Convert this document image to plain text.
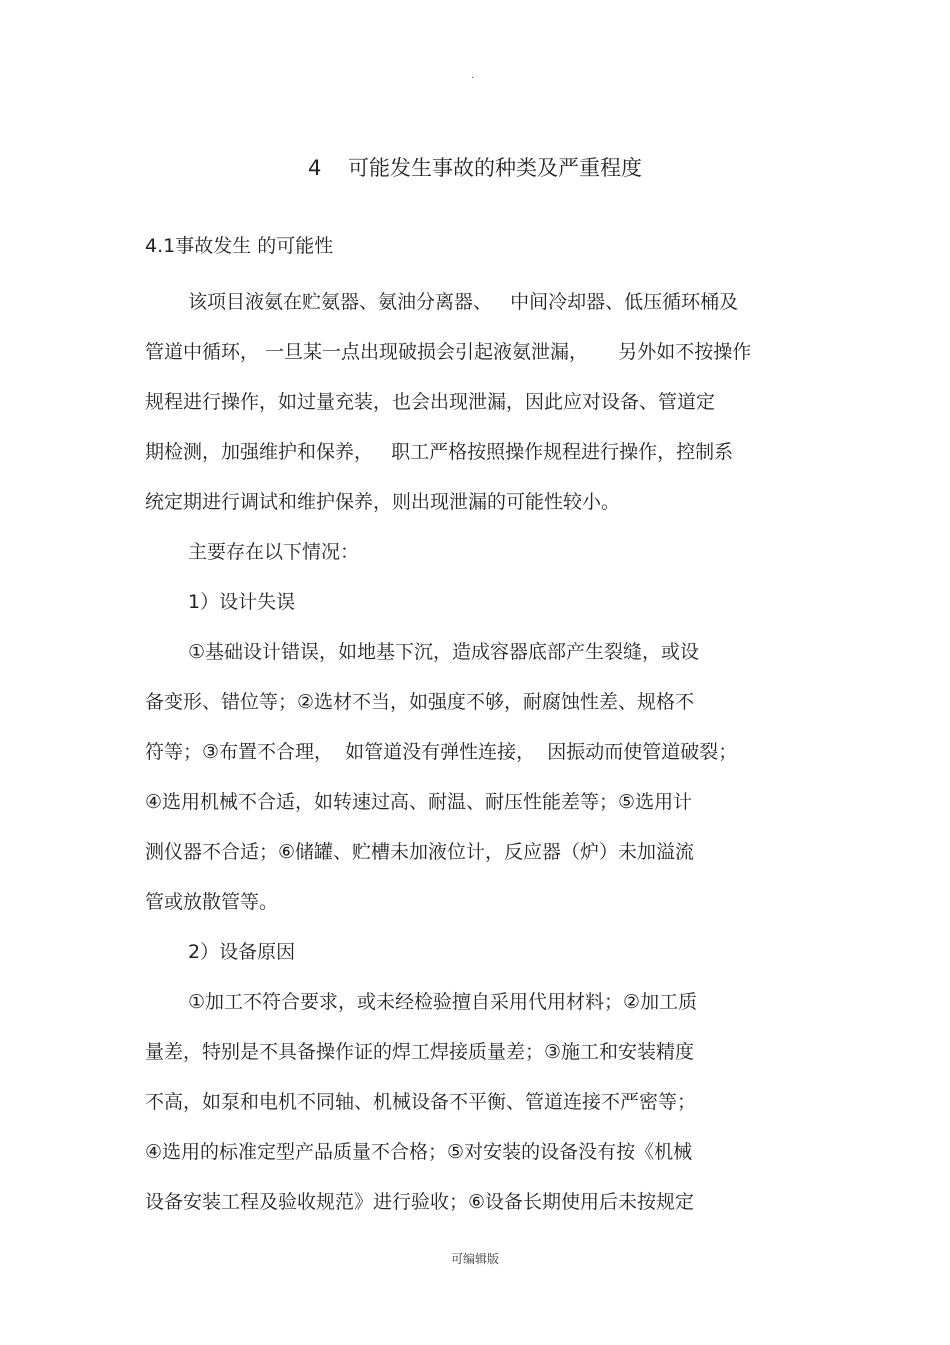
.
4    可能发生事故的种类及严重程度
4.1事故发生 的可能性
该项目液氨在贮氨器、氨油分离器、   中间冷却器、低压循环桶及
管道中循环， 一旦某一点出现破损会引起液氨泄漏，     另外如不按操作
规程进行操作，如过量充装，也会出现泄漏，因此应对设备、管道定
期检测，加强维护和保养，   职工严格按照操作规程进行操作，控制系
统定期进行调试和维护保养，则出现泄漏的可能性较小。
主要存在以下情况：
1）设计失误
①基础设计错误，如地基下沉，造成容器底部产生裂缝，或设
备变形、错位等；②选材不当，如强度不够，耐腐蚀性差、规格不
符等；③布置不合理，  如管道没有弹性连接，  因振动而使管道破裂；
④选用机械不合适，如转速过高、耐温、耐压性能差等；⑤选用计
测仪器不合适；⑥储罐、贮槽未加液位计，反应器（炉）未加溢流
管或放散管等。
2）设备原因
①加工不符合要求，或未经检验擅自采用代用材料；②加工质
量差，特别是不具备操作证的焊工焊接质量差；③施工和安装精度
不高，如泵和电机不同轴、机械设备不平衡、管道连接不严密等；
④选用的标准定型产品质量不合格；⑤对安装的设备没有按《机械
设备安装工程及验收规范》进行验收；⑥设备长期使用后未按规定
可编辑版
